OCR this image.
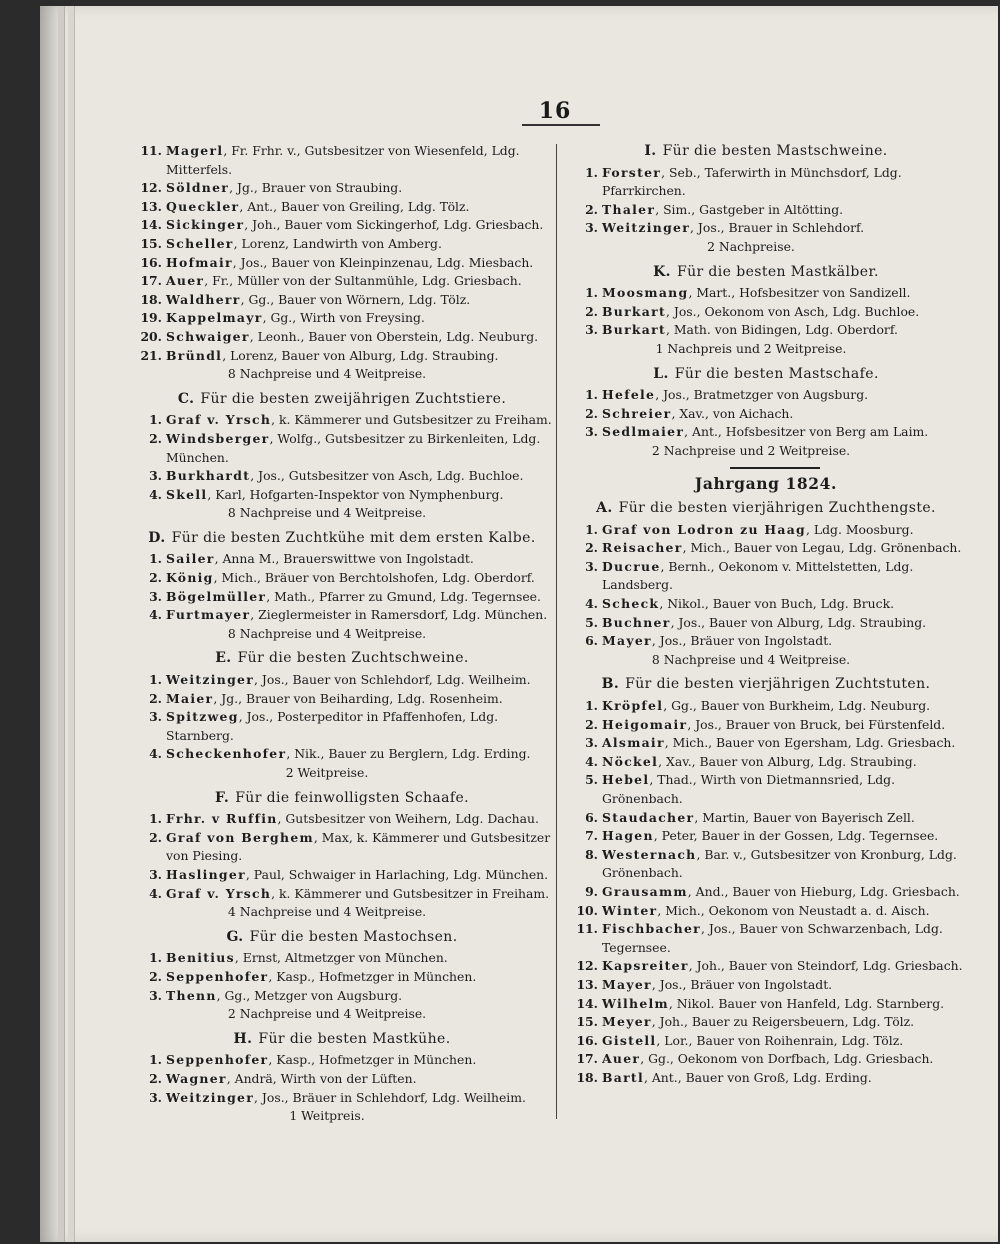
16

11. Magerl, Fr. Frhr. v., Gutsbesitzer von Wiesenfeld, Ldg. Mitterfels.

12. Söldner, Jg., Brauer von Straubing.

13. Queckler, Ant., Bauer von Greiling, Ldg. Tölz.

14. Sickinger, Joh., Bauer vom Sickingerhof, Ldg. Griesbach.

15. Scheller, Lorenz, Landwirth von Amberg.

16. Hofmair, Jos., Bauer von Kleinpinzenau, Ldg. Miesbach.

17. Auer, Fr., Müller von der Sultanmühle, Ldg. Griesbach.

18. Waldherr, Gg., Bauer von Wörnern, Ldg. Tölz.

19. Kappelmayr, Gg., Wirth von Freysing.

20. Schwaiger, Leonh., Bauer von Oberstein, Ldg. Neuburg.

21. Bründl, Lorenz, Bauer von Alburg, Ldg. Straubing.

8 Nachpreise und 4 Weitpreise.

C. Für die besten zweijährigen Zuchtstiere.

1. Graf v. Yrsch, k. Kämmerer und Gutsbesitzer zu Freiham.

2. Windsberger, Wolfg., Gutsbesitzer zu Birkenleiten, Ldg. München.

3. Burkhardt, Jos., Gutsbesitzer von Asch, Ldg. Buchloe.

4. Skell, Karl, Hofgarten-Inspektor von Nymphenburg.

8 Nachpreise und 4 Weitpreise.

D. Für die besten Zuchtkühe mit dem ersten Kalbe.

1. Sailer, Anna M., Brauerswittwe von Ingolstadt.

2. König, Mich., Bräuer von Berchtolshofen, Ldg. Oberdorf.

3. Bögelmüller, Math., Pfarrer zu Gmund, Ldg. Tegernsee.

4. Furtmayer, Zieglermeister in Ramersdorf, Ldg. München.

8 Nachpreise und 4 Weitpreise.

E. Für die besten Zuchtschweine.

1. Weitzinger, Jos., Bauer von Schlehdorf, Ldg. Weilheim.

2. Maier, Jg., Brauer von Beiharding, Ldg. Rosenheim.

3. Spitzweg, Jos., Posterpeditor in Pfaffenhofen, Ldg. Starnberg.

4. Scheckenhofer, Nik., Bauer zu Berglern, Ldg. Erding.

2 Weitpreise.

F. Für die feinwolligsten Schaafe.

1. Frhr. v Ruffin, Gutsbesitzer von Weihern, Ldg. Dachau.

2. Graf von Berghem, Max, k. Kämmerer und Gutsbesitzer von Piesing.

3. Haslinger, Paul, Schwaiger in Harlaching, Ldg. München.

4. Graf v. Yrsch, k. Kämmerer und Gutsbesitzer in Freiham.

4 Nachpreise und 4 Weitpreise.

G. Für die besten Mastochsen.

1. Benitius, Ernst, Altmetzger von München.

2. Seppenhofer, Kasp., Hofmetzger in München.

3. Thenn, Gg., Metzger von Augsburg.

2 Nachpreise und 4 Weitpreise.

H. Für die besten Mastkühe.

1. Seppenhofer, Kasp., Hofmetzger in München.

2. Wagner, Andrä, Wirth von der Lüften.

3. Weitzinger, Jos., Bräuer in Schlehdorf, Ldg. Weilheim.

1 Weitpreis.

I. Für die besten Mastschweine.

1. Forster, Seb., Taferwirth in Münchsdorf, Ldg. Pfarrkirchen.

2. Thaler, Sim., Gastgeber in Altötting.

3. Weitzinger, Jos., Brauer in Schlehdorf.

2 Nachpreise.

K. Für die besten Mastkälber.

1. Moosmang, Mart., Hofsbesitzer von Sandizell.

2. Burkart, Jos., Oekonom von Asch, Ldg. Buchloe.

3. Burkart, Math. von Bidingen, Ldg. Oberdorf.

1 Nachpreis und 2 Weitpreise.

L. Für die besten Mastschafe.

1. Hefele, Jos., Bratmetzger von Augsburg.

2. Schreier, Xav., von Aichach.

3. Sedlmaier, Ant., Hofsbesitzer von Berg am Laim.

2 Nachpreise und 2 Weitpreise.

Jahrgang 1824.
A. Für die besten vierjährigen Zuchthengste.

1. Graf von Lodron zu Haag, Ldg. Moosburg.

2. Reisacher, Mich., Bauer von Legau, Ldg. Grönenbach.

3. Ducrue, Bernh., Oekonom v. Mittelstetten, Ldg. Landsberg.

4. Scheck, Nikol., Bauer von Buch, Ldg. Bruck.

5. Buchner, Jos., Bauer von Alburg, Ldg. Straubing.

6. Mayer, Jos., Bräuer von Ingolstadt.

8 Nachpreise und 4 Weitpreise.

B. Für die besten vierjährigen Zuchtstuten.

1. Kröpfel, Gg., Bauer von Burkheim, Ldg. Neuburg.

2. Heigomair, Jos., Brauer von Bruck, bei Fürstenfeld.

3. Alsmair, Mich., Bauer von Egersham, Ldg. Griesbach.

4. Nöckel, Xav., Bauer von Alburg, Ldg. Straubing.

5. Hebel, Thad., Wirth von Dietmannsried, Ldg. Grönenbach.

6. Staudacher, Martin, Bauer von Bayerisch Zell.

7. Hagen, Peter, Bauer in der Gossen, Ldg. Tegernsee.

8. Westernach, Bar. v., Gutsbesitzer von Kronburg, Ldg. Grönenbach.

9. Grausamm, And., Bauer von Hieburg, Ldg. Griesbach.

10. Winter, Mich., Oekonom von Neustadt a. d. Aisch.

11. Fischbacher, Jos., Bauer von Schwarzenbach, Ldg. Tegernsee.

12. Kapsreiter, Joh., Bauer von Steindorf, Ldg. Griesbach.

13. Mayer, Jos., Bräuer von Ingolstadt.

14. Wilhelm, Nikol. Bauer von Hanfeld, Ldg. Starnberg.

15. Meyer, Joh., Bauer zu Reigersbeuern, Ldg. Tölz.

16. Gistell, Lor., Bauer von Roihenrain, Ldg. Tölz.

17. Auer, Gg., Oekonom von Dorfbach, Ldg. Griesbach.

18. Bartl, Ant., Bauer von Groß, Ldg. Erding.
